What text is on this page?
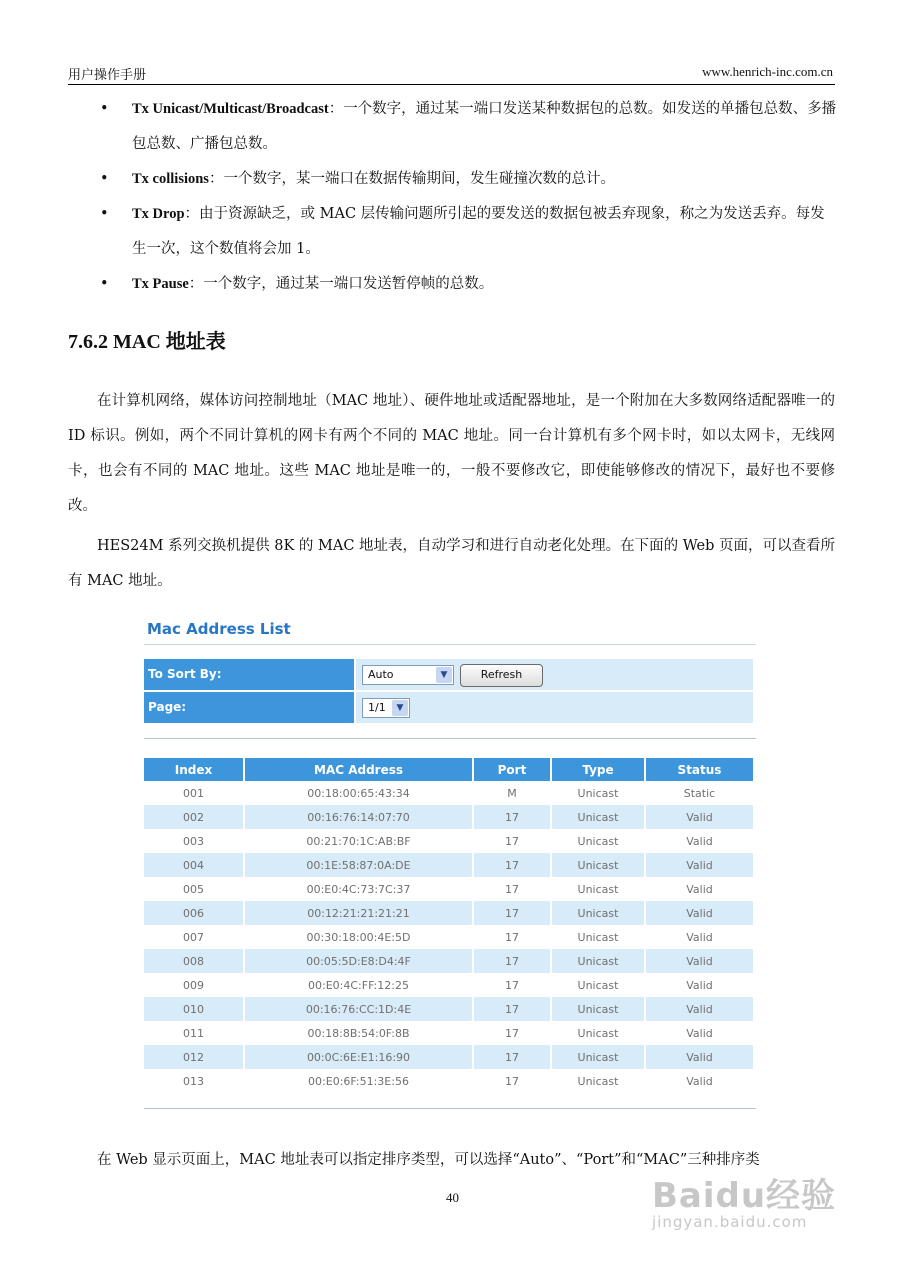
用户操作手册	www.henrich-inc.com.cn
• Tx Unicast/Multicast/Broadcast：一个数字，通过某一端口发送某种数据包的总数。如发送的单播包总数、多播包总数、广播包总数。
• Tx collisions：一个数字，某一端口在数据传输期间，发生碰撞次数的总计。
• Tx Drop：由于资源缺乏，或 MAC 层传输问题所引起的要发送的数据包被丢弃现象，称之为发送丢弃。每发生一次，这个数值将会加 1。
• Tx Pause：一个数字，通过某一端口发送暂停帧的总数。
7.6.2 MAC 地址表
在计算机网络，媒体访问控制地址（MAC 地址）、硬件地址或适配器地址，是一个附加在大多数网络适配器唯一的 ID 标识。例如，两个不同计算机的网卡有两个不同的 MAC 地址。同一台计算机有多个网卡时，如以太网卡，无线网卡，也会有不同的 MAC 地址。这些 MAC 地址是唯一的，一般不要修改它，即使能够修改的情况下，最好也不要修改。
HES24M 系列交换机提供 8K 的 MAC 地址表，自动学习和进行自动老化处理。在下面的 Web 页面，可以查看所有 MAC 地址。
Mac Address List
To Sort By:	Auto	▼	Refresh
Page:	1/1	▼
Index	MAC Address	Port	Type	Status
001	00:18:00:65:43:34	M	Unicast	Static
002	00:16:76:14:07:70	17	Unicast	Valid
003	00:21:70:1C:AB:BF	17	Unicast	Valid
004	00:1E:58:87:0A:DE	17	Unicast	Valid
005	00:E0:4C:73:7C:37	17	Unicast	Valid
006	00:12:21:21:21:21	17	Unicast	Valid
007	00:30:18:00:4E:5D	17	Unicast	Valid
008	00:05:5D:E8:D4:4F	17	Unicast	Valid
009	00:E0:4C:FF:12:25	17	Unicast	Valid
010	00:16:76:CC:1D:4E	17	Unicast	Valid
011	00:18:8B:54:0F:8B	17	Unicast	Valid
012	00:0C:6E:E1:16:90	17	Unicast	Valid
013	00:E0:6F:51:3E:56	17	Unicast	Valid
在 Web 显示页面上，MAC 地址表可以指定排序类型，可以选择“Auto”、“Port”和“MAC”三种排序类
40	Baidu经验
jingyan.baidu.com
